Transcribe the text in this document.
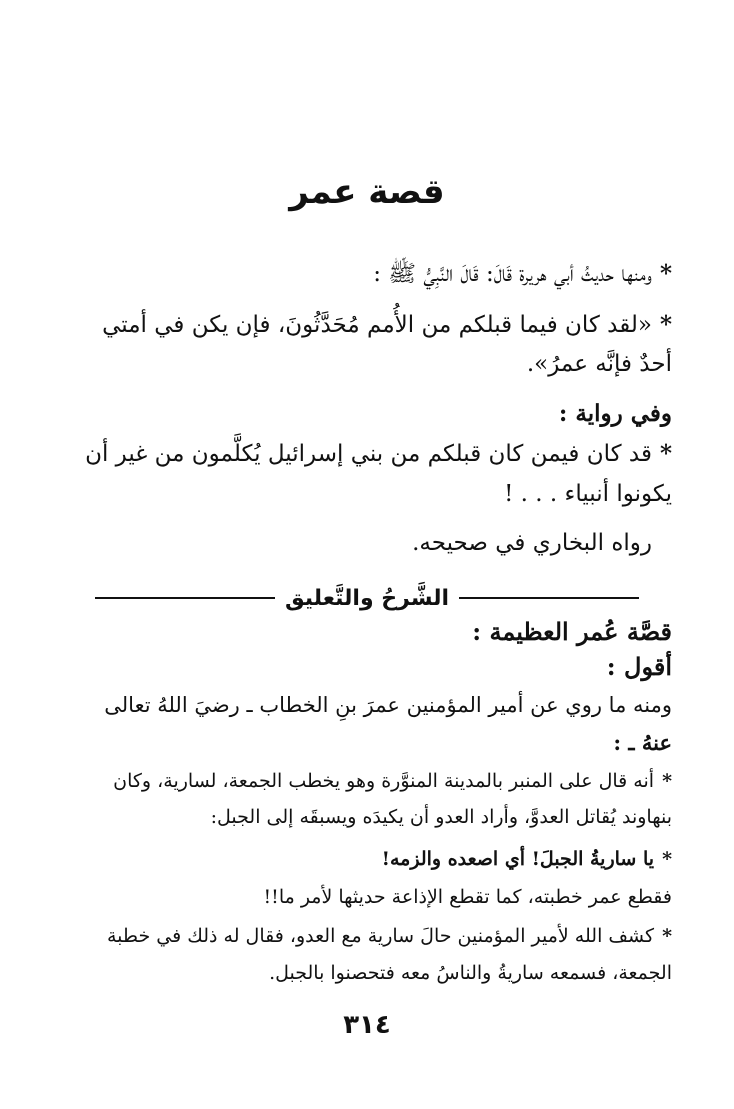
قصة عمر
*ومنها حديثُ أبي هريرة قَالَ: قَالَ النَّبِيُّ ﷺ :
*«لقد كان فيما قبلكم من الأُمم مُحَدَّثُونَ، فإن يكن في أمتي
أحدٌ فإنَّه عمرُ».
وفي رواية :
*قد كان فيمن كان قبلكم من بني إسرائيل يُكلَّمون من غير أن
يكونوا أنبياء . . . !
رواه البخاري في صحيحه.
الشَّرحُ والتَّعليق
قصَّة عُمر العظيمة :
أقول :
ومنه ما روي عن أمير المؤمنين عمرَ بنِ الخطاب ـ رضيَ اللهُ تعالى
عنهُ ـ :
*أنه قال على المنبر بالمدينة المنوَّرة وهو يخطب الجمعة، لسارية، وكان
بنهاوند يُقاتل العدوَّ، وأراد العدو أن يكيدَه ويسبقَه إلى الجبل:
*يا ساريةُ الجبلَ! أي اصعده والزمه!
فقطع عمر خطبته، كما تقطع الإذاعة حديثها لأمر ما!!
*كشف الله لأمير المؤمنين حالَ سارية مع العدو، فقال له ذلك في خطبة
الجمعة، فسمعه ساريةُ والناسُ معه فتحصنوا بالجبل.
٣١٤
